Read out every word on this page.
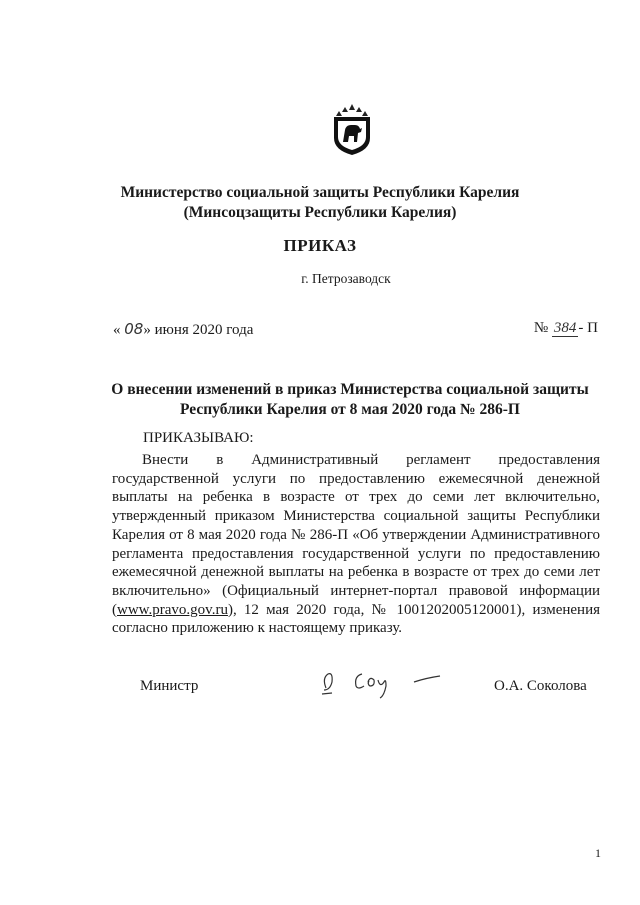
Министерство социальной защиты Республики Карелия
(Минсоцзащиты Республики Карелия)
ПРИКАЗ
г. Петрозаводск
« 08» июня 2020 года	№ 384 - П
О внесении изменений в приказ Министерства социальной защиты
Республики Карелия от 8 мая 2020 года № 286-П
ПРИКАЗЫВАЮ:
Внести в Административный регламент предоставления государственной услуги по предоставлению ежемесячной денежной выплаты на ребенка в возрасте от трех до семи лет включительно, утвержденный приказом Министерства социальной защиты Республики Карелия от 8 мая 2020 года № 286-П «Об утверждении Административного регламента предоставления государственной услуги по предоставлению ежемесячной денежной выплаты на ребенка в возрасте от трех до семи лет включительно» (Официальный интернет-портал правовой информации (www.pravo.gov.ru), 12 мая 2020 года, № 1001202005120001), изменения согласно приложению к настоящему приказу.
Министр	О.А. Соколова
1
